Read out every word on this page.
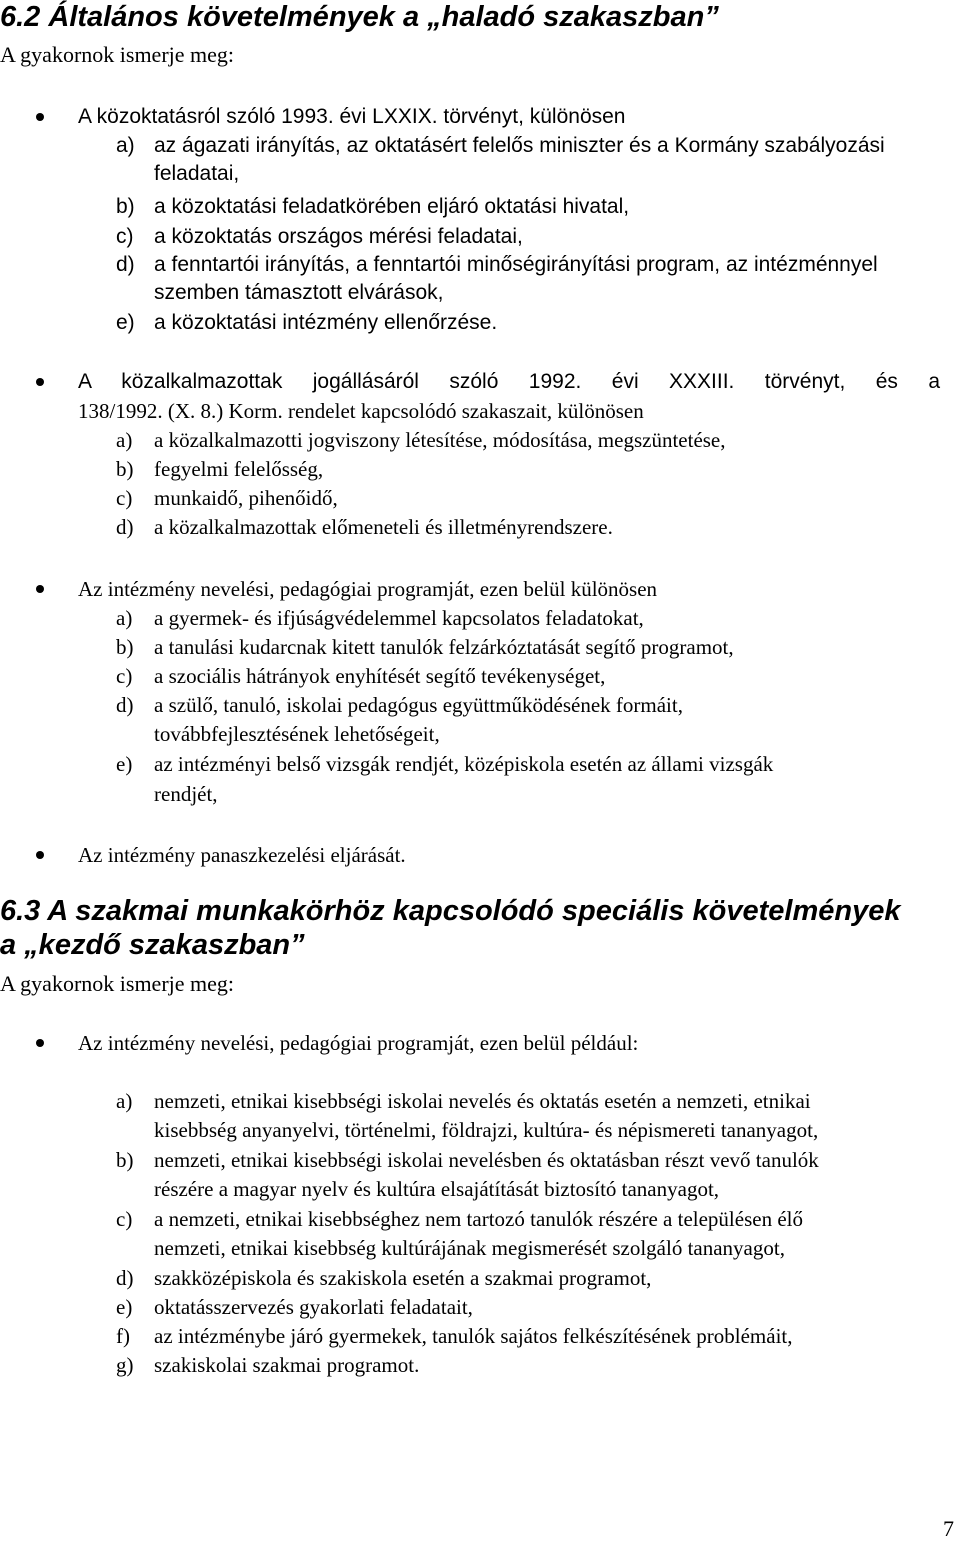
6.2 Általános követelmények a „haladó szakaszban”
A gyakornok ismerje meg:
A közoktatásról szóló 1993. évi LXXIX. törvényt, különösen
a) az ágazati irányítás, az oktatásért felelős miniszter és a Kormány szabályozási
feladatai,
b) a közoktatási feladatkörében eljáró oktatási hivatal,
c) a közoktatás országos mérési feladatai,
d) a fenntartói irányítás, a fenntartói minőségirányítási program, az intézménnyel
szemben támasztott elvárások,
e) a közoktatási intézmény ellenőrzése.
A közalkalmazottak jogállásáról szóló 1992. évi XXXIII. törvényt, és a
138/1992. (X. 8.) Korm. rendelet kapcsolódó szakaszait, különösen
a) a közalkalmazotti jogviszony létesítése, módosítása, megszüntetése,
b) fegyelmi felelősség,
c) munkaidő, pihenőidő,
d) a közalkalmazottak előmeneteli és illetményrendszere.
Az intézmény nevelési, pedagógiai programját, ezen belül különösen
a) a gyermek- és ifjúságvédelemmel kapcsolatos feladatokat,
b) a tanulási kudarcnak kitett tanulók felzárkóztatását segítő programot,
c) a szociális hátrányok enyhítését segítő tevékenységet,
d) a szülő, tanuló, iskolai pedagógus együttműködésének formáit,
továbbfejlesztésének lehetőségeit,
e) az intézményi belső vizsgák rendjét, középiskola esetén az állami vizsgák
rendjét,
Az intézmény panaszkezelési eljárását.
6.3 A szakmai munkakörhöz kapcsolódó speciális követelmények
a „kezdő szakaszban”
A gyakornok ismerje meg:
Az intézmény nevelési, pedagógiai programját, ezen belül például:
a) nemzeti, etnikai kisebbségi iskolai nevelés és oktatás esetén a nemzeti, etnikai
kisebbség anyanyelvi, történelmi, földrajzi, kultúra- és népismereti tananyagot,
b) nemzeti, etnikai kisebbségi iskolai nevelésben és oktatásban részt vevő tanulók
részére a magyar nyelv és kultúra elsajátítását biztosító tananyagot,
c) a nemzeti, etnikai kisebbséghez nem tartozó tanulók részére a településen élő
nemzeti, etnikai kisebbség kultúrájának megismerését szolgáló tananyagot,
d) szakközépiskola és szakiskola esetén a szakmai programot,
e) oktatásszervezés gyakorlati feladatait,
f) az intézménybe járó gyermekek, tanulók sajátos felkészítésének problémáit,
g) szakiskolai szakmai programot.
7
